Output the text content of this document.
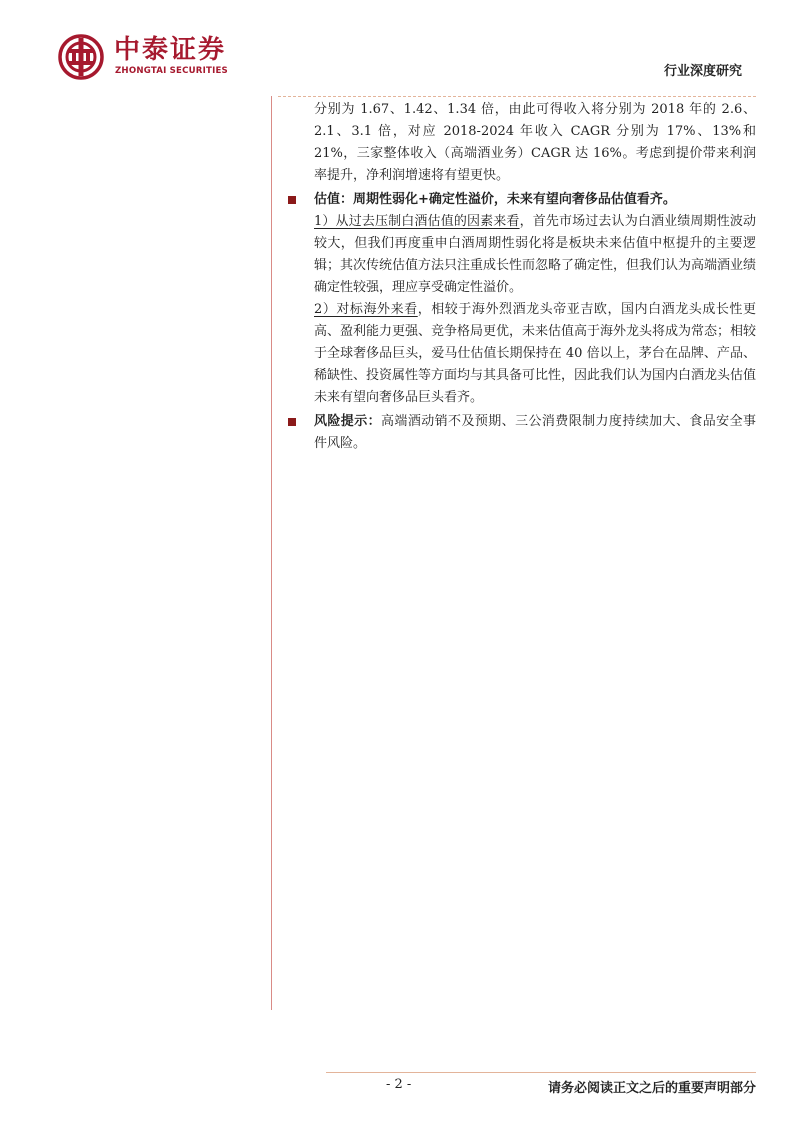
中泰证券
ZHONGTAI SECURITIES	行业深度研究

分别为 1.67、1.42、1.34 倍，由此可得收入将分别为 2018 年的 2.6、2.1、3.1 倍，对应 2018-2024 年收入 CAGR 分别为 17%、13%和 21%，三家整体收入（高端酒业务）CAGR 达 16%。考虑到提价带来利润率提升，净利润增速将有望更快。

估值：周期性弱化+确定性溢价，未来有望向奢侈品估值看齐。

1）从过去压制白酒估值的因素来看，首先市场过去认为白酒业绩周期性波动较大，但我们再度重申白酒周期性弱化将是板块未来估值中枢提升的主要逻辑；其次传统估值方法只注重成长性而忽略了确定性，但我们认为高端酒业绩确定性较强，理应享受确定性溢价。

2）对标海外来看，相较于海外烈酒龙头帝亚吉欧，国内白酒龙头成长性更高、盈利能力更强、竞争格局更优，未来估值高于海外龙头将成为常态；相较于全球奢侈品巨头，爱马仕估值长期保持在 40 倍以上，茅台在品牌、产品、稀缺性、投资属性等方面均与其具备可比性，因此我们认为国内白酒龙头估值未来有望向奢侈品巨头看齐。

风险提示：高端酒动销不及预期、三公消费限制力度持续加大、食品安全事件风险。
- 2 -	请务必阅读正文之后的重要声明部分
